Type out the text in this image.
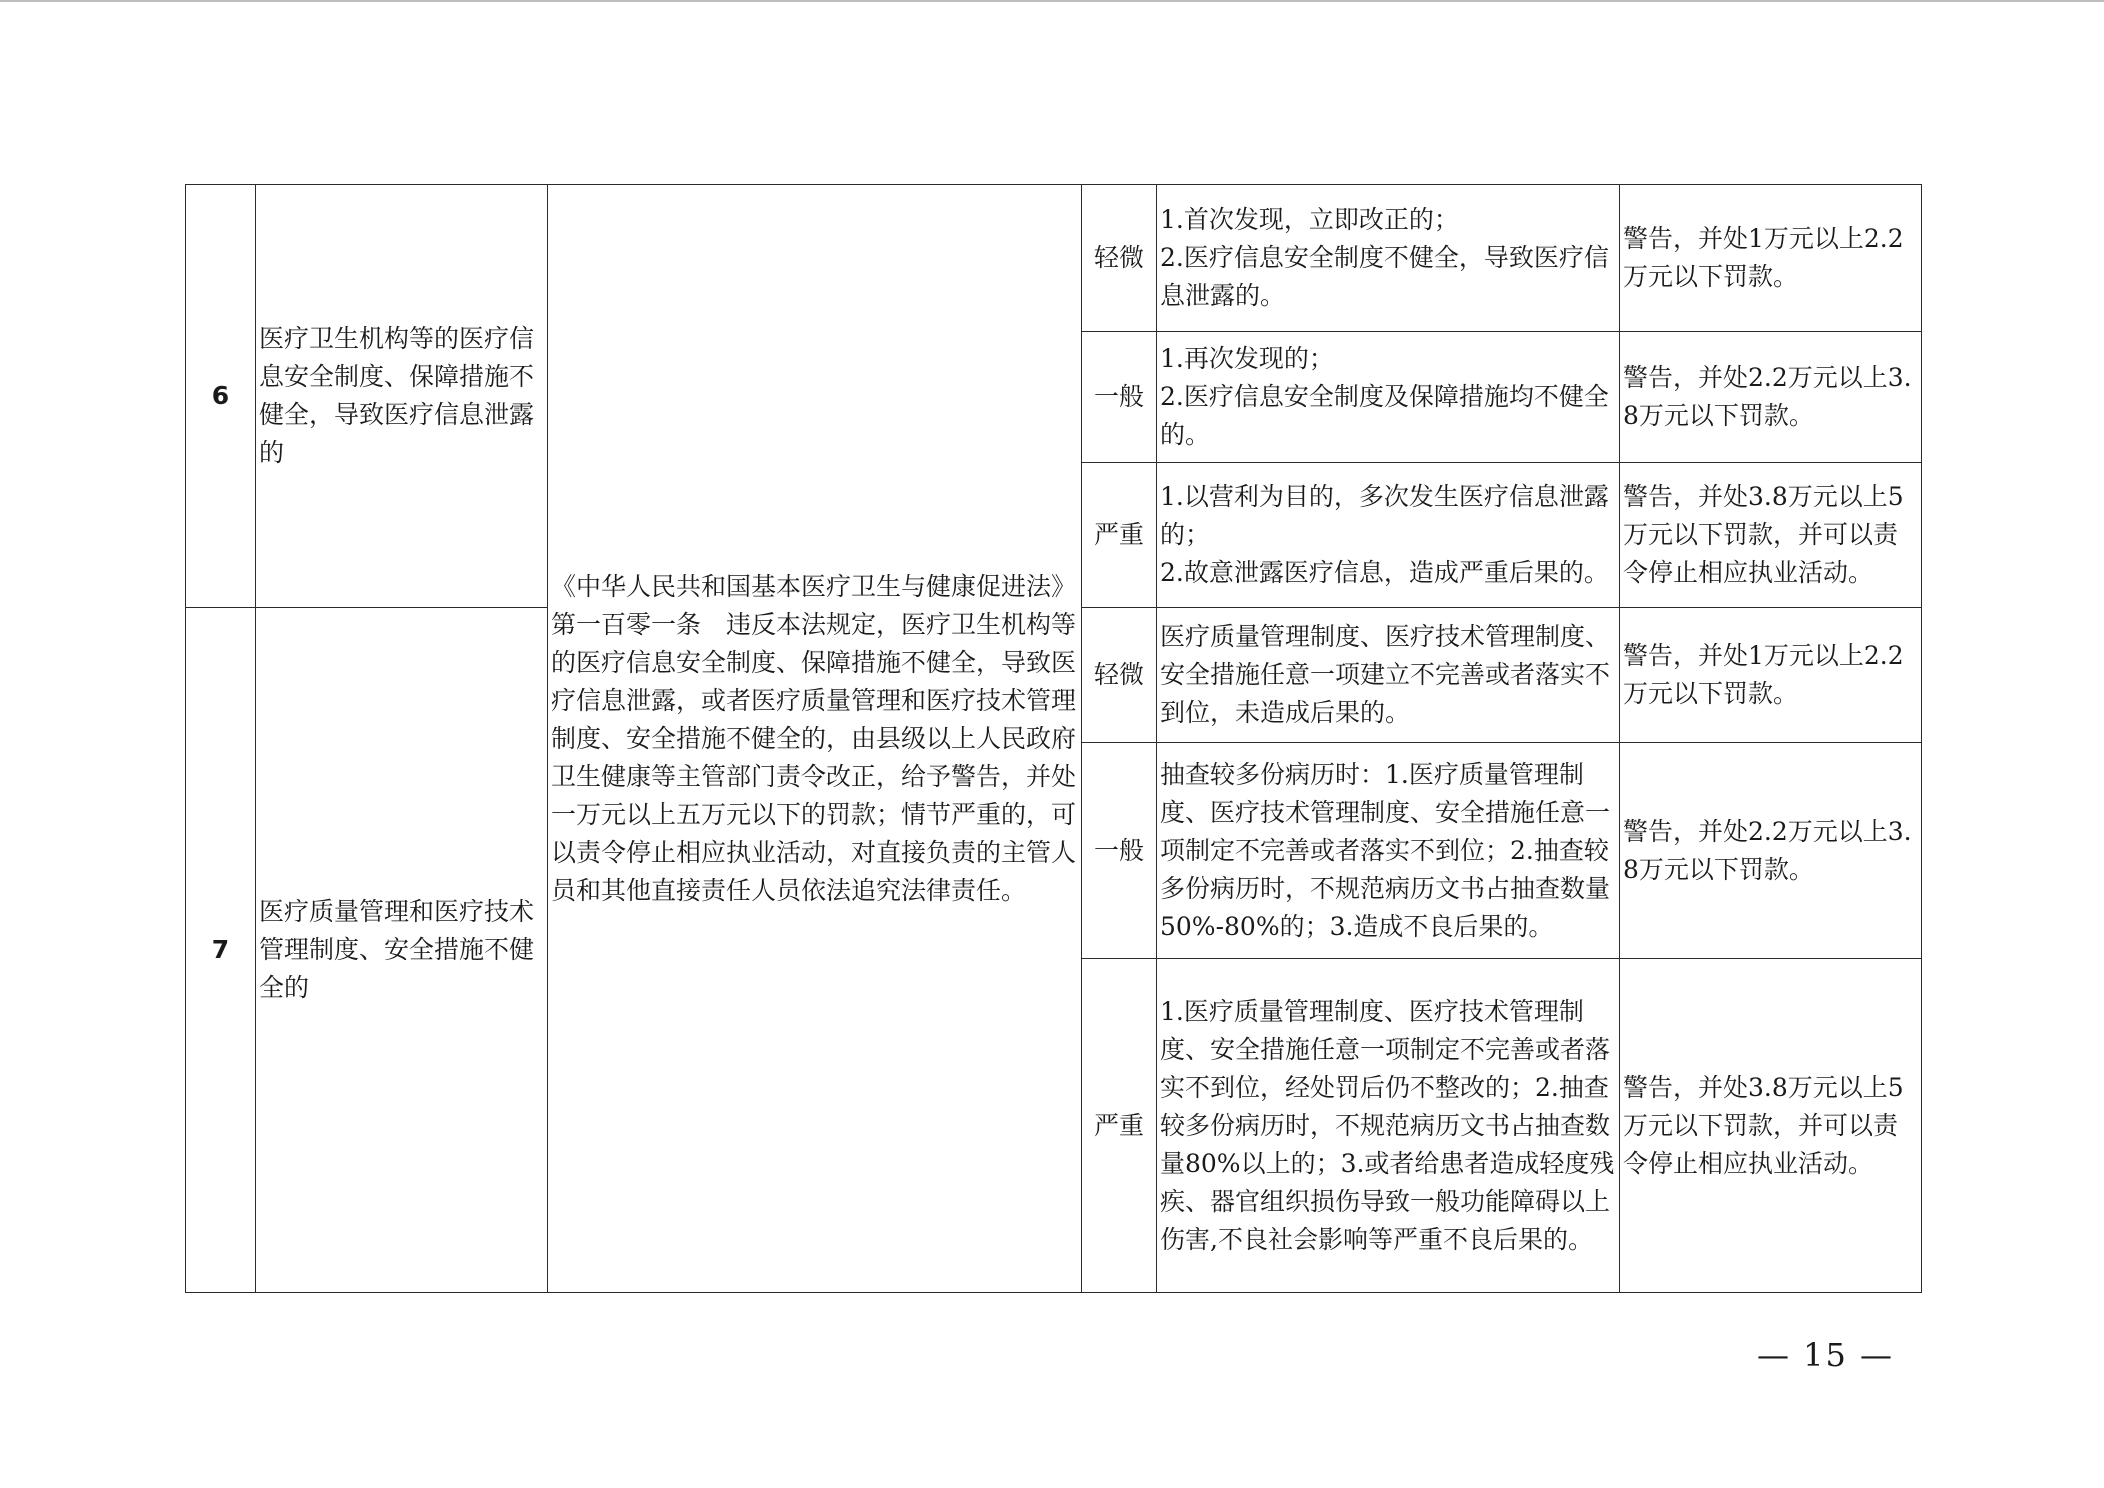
6	医疗卫生机构等的医疗信息安全制度、保障措施不健全，导致医疗信息泄露的	《中华人民共和国基本医疗卫生与健康促进法》第一百零一条　违反本法规定，医疗卫生机构等的医疗信息安全制度、保障措施不健全，导致医疗信息泄露，或者医疗质量管理和医疗技术管理制度、安全措施不健全的，由县级以上人民政府卫生健康等主管部门责令改正，给予警告，并处一万元以上五万元以下的罚款；情节严重的，可以责令停止相应执业活动，对直接负责的主管人员和其他直接责任人员依法追究法律责任。	轻微	1.首次发现，立即改正的；
2.医疗信息安全制度不健全，导致医疗信息泄露的。	警告，并处1万元以上2.2万元以下罚款。
			一般	1.再次发现的；
2.医疗信息安全制度及保障措施均不健全的。	警告，并处2.2万元以上3.8万元以下罚款。
			严重	1.以营利为目的，多次发生医疗信息泄露的；
2.故意泄露医疗信息，造成严重后果的。	警告，并处3.8万元以上5万元以下罚款，并可以责令停止相应执业活动。
7	医疗质量管理和医疗技术管理制度、安全措施不健全的		轻微	医疗质量管理制度、医疗技术管理制度、安全措施任意一项建立不完善或者落实不到位，未造成后果的。	警告，并处1万元以上2.2万元以下罚款。
			一般	抽查较多份病历时：1.医疗质量管理制度、医疗技术管理制度、安全措施任意一项制定不完善或者落实不到位；2.抽查较多份病历时，不规范病历文书占抽查数量50%-80%的；3.造成不良后果的。	警告，并处2.2万元以上3.8万元以下罚款。
			严重	1.医疗质量管理制度、医疗技术管理制度、安全措施任意一项制定不完善或者落实不到位，经处罚后仍不整改的；2.抽查较多份病历时，不规范病历文书占抽查数量80%以上的；3.或者给患者造成轻度残疾、器官组织损伤导致一般功能障碍以上伤害,不良社会影响等严重不良后果的。	警告，并处3.8万元以上5万元以下罚款，并可以责令停止相应执业活动。
— 15 —
